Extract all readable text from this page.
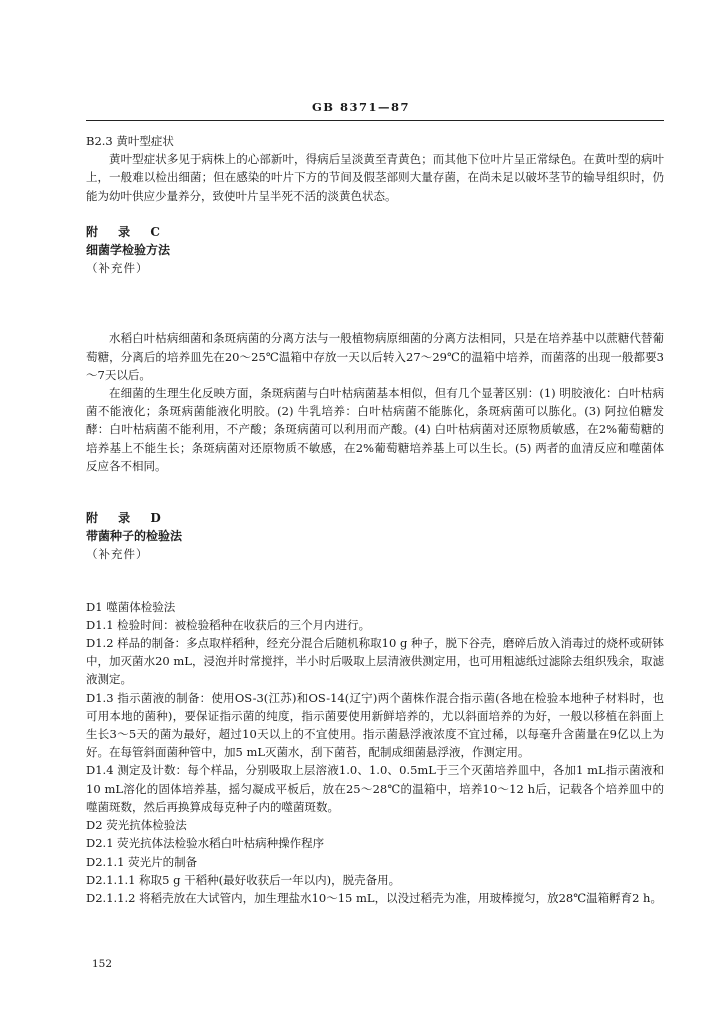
GB 8371—87

B2.3 黄叶型症状

黄叶型症状多见于病株上的心部新叶，得病后呈淡黄至青黄色；而其他下位叶片呈正常绿色。在黄叶型的病叶上，一般难以检出细菌；但在感染的叶片下方的节间及假茎部则大量存菌，在尚未足以破坏茎节的输导组织时，仍能为幼叶供应少量养分，致使叶片呈半死不活的淡黄色状态。

附 录 C

细菌学检验方法

（补充件）

水稻白叶枯病细菌和条斑病菌的分离方法与一般植物病原细菌的分离方法相同，只是在培养基中以蔗糖代替葡萄糖，分离后的培养皿先在20～25℃温箱中存放一天以后转入27～29℃的温箱中培养，而菌落的出现一般都要3～7天以后。

在细菌的生理生化反映方面，条斑病菌与白叶枯病菌基本相似，但有几个显著区别：(1) 明胶液化：白叶枯病菌不能液化；条斑病菌能液化明胶。(2) 牛乳培养：白叶枯病菌不能胨化，条斑病菌可以胨化。(3) 阿拉伯糖发酵：白叶枯病菌不能利用，不产酸；条斑病菌可以利用而产酸。(4) 白叶枯病菌对还原物质敏感，在2%葡萄糖的培养基上不能生长；条斑病菌对还原物质不敏感，在2%葡萄糖培养基上可以生长。(5) 两者的血清反应和噬菌体反应各不相同。

附 录 D

带菌种子的检验法

（补充件）

D1 噬菌体检验法

D1.1 检验时间：被检验稻种在收获后的三个月内进行。

D1.2 样品的制备：多点取样稻种，经充分混合后随机称取10 g 种子，脱下谷壳，磨碎后放入消毒过的烧杯或研钵中，加灭菌水20 mL，浸泡并时常搅拌，半小时后吸取上层清液供测定用，也可用粗滤纸过滤除去组织残余，取滤液测定。

D1.3 指示菌液的制备：使用OS-3(江苏)和OS-14(辽宁)两个菌株作混合指示菌(各地在检验本地种子材料时，也可用本地的菌种)，要保证指示菌的纯度，指示菌要使用新鲜培养的，尤以斜面培养的为好，一般以移植在斜面上生长3～5天的菌为最好，超过10天以上的不宜使用。指示菌悬浮液浓度不宜过稀，以每毫升含菌量在9亿以上为好。在每管斜面菌种管中，加5 mL灭菌水，刮下菌苔，配制成细菌悬浮液，作测定用。

D1.4 测定及计数：每个样品，分别吸取上层溶液1.0、1.0、0.5mL于三个灭菌培养皿中，各加1 mL指示菌液和10 mL溶化的固体培养基，摇匀凝成平板后，放在25～28℃的温箱中，培养10～12 h后，记载各个培养皿中的噬菌斑数，然后再换算成每克种子内的噬菌斑数。

D2 荧光抗体检验法

D2.1 荧光抗体法检验水稻白叶枯病种操作程序

D2.1.1 荧光片的制备

D2.1.1.1 称取5 g 干稻种(最好收获后一年以内)，脱壳备用。

D2.1.1.2 将稻壳放在大试管内，加生理盐水10～15 mL，以没过稻壳为准，用玻棒搅匀，放28℃温箱孵育2 h。

152
